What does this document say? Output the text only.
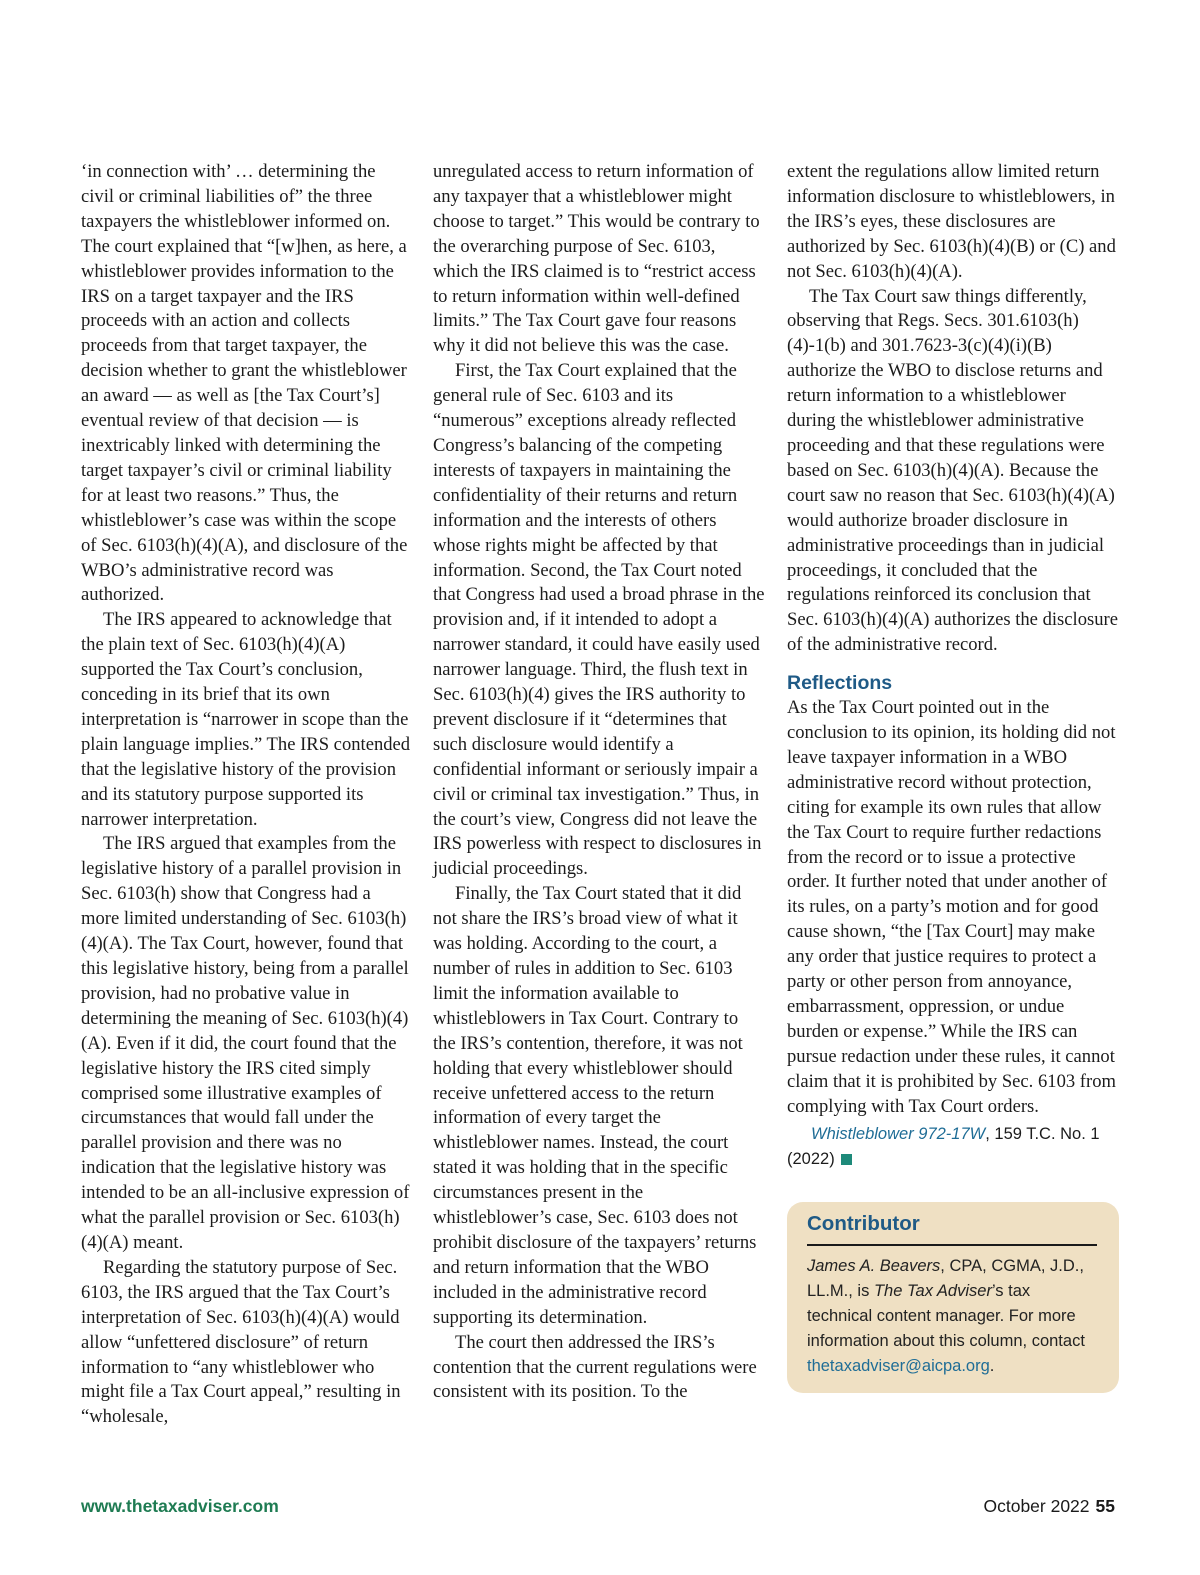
‘in connection with’ … determining the civil or criminal liabilities of” the three taxpayers the whistleblower informed on. The court explained that “[w]hen, as here, a whistleblower provides information to the IRS on a target taxpayer and the IRS proceeds with an action and collects proceeds from that target taxpayer, the decision whether to grant the whistleblower an award — as well as [the Tax Court’s] eventual review of that decision — is inextricably linked with determining the target taxpayer’s civil or criminal liability for at least two reasons.” Thus, the whistleblower’s case was within the scope of Sec. 6103(h)(4)(A), and disclosure of the WBO’s administrative record was authorized.

The IRS appeared to acknowledge that the plain text of Sec. 6103(h)(4)(A) supported the Tax Court’s conclusion, conceding in its brief that its own interpretation is “narrower in scope than the plain language implies.” The IRS contended that the legislative history of the provision and its statutory purpose supported its narrower interpretation.

The IRS argued that examples from the legislative history of a parallel provision in Sec. 6103(h) show that Congress had a more limited understanding of Sec. 6103(h)(4)(A). The Tax Court, however, found that this legislative history, being from a parallel provision, had no probative value in determining the meaning of Sec. 6103(h)(4)(A). Even if it did, the court found that the legislative history the IRS cited simply comprised some illustrative examples of circumstances that would fall under the parallel provision and there was no indication that the legislative history was intended to be an all-inclusive expression of what the parallel provision or Sec. 6103(h)(4)(A) meant.

Regarding the statutory purpose of Sec. 6103, the IRS argued that the Tax Court’s interpretation of Sec. 6103(h)(4)(A) would allow “unfettered disclosure” of return information to “any whistleblower who might file a Tax Court appeal,” resulting in “wholesale,

unregulated access to return information of any taxpayer that a whistleblower might choose to target.” This would be contrary to the overarching purpose of Sec. 6103, which the IRS claimed is to “restrict access to return information within well-defined limits.” The Tax Court gave four reasons why it did not believe this was the case.

First, the Tax Court explained that the general rule of Sec. 6103 and its “numerous” exceptions already reflected Congress’s balancing of the competing interests of taxpayers in maintaining the confidentiality of their returns and return information and the interests of others whose rights might be affected by that information. Second, the Tax Court noted that Congress had used a broad phrase in the provision and, if it intended to adopt a narrower standard, it could have easily used narrower language. Third, the flush text in Sec. 6103(h)(4) gives the IRS authority to prevent disclosure if it “determines that such disclosure would identify a confidential informant or seriously impair a civil or criminal tax investigation.” Thus, in the court’s view, Congress did not leave the IRS powerless with respect to disclosures in judicial proceedings.

Finally, the Tax Court stated that it did not share the IRS’s broad view of what it was holding. According to the court, a number of rules in addition to Sec. 6103 limit the information available to whistleblowers in Tax Court. Contrary to the IRS’s contention, therefore, it was not holding that every whistleblower should receive unfettered access to the return information of every target the whistleblower names. Instead, the court stated it was holding that in the specific circumstances present in the whistleblower’s case, Sec. 6103 does not prohibit disclosure of the taxpayers’ returns and return information that the WBO included in the administrative record supporting its determination.

The court then addressed the IRS’s contention that the current regulations were consistent with its position. To the

extent the regulations allow limited return information disclosure to whistleblowers, in the IRS’s eyes, these disclosures are authorized by Sec. 6103(h)(4)(B) or (C) and not Sec. 6103(h)(4)(A).

The Tax Court saw things differently, observing that Regs. Secs. 301.6103(h)(4)-1(b) and 301.7623-3(c)(4)(i)(B) authorize the WBO to disclose returns and return information to a whistleblower during the whistleblower administrative proceeding and that these regulations were based on Sec. 6103(h)(4)(A). Because the court saw no reason that Sec. 6103(h)(4)(A) would authorize broader disclosure in administrative proceedings than in judicial proceedings, it concluded that the regulations reinforced its conclusion that Sec. 6103(h)(4)(A) authorizes the disclosure of the administrative record.

Reflections

As the Tax Court pointed out in the conclusion to its opinion, its holding did not leave taxpayer information in a WBO administrative record without protection, citing for example its own rules that allow the Tax Court to require further redactions from the record or to issue a protective order. It further noted that under another of its rules, on a party’s motion and for good cause shown, “the [Tax Court] may make any order that justice requires to protect a party or other person from annoyance, embarrassment, oppression, or undue burden or expense.” While the IRS can pursue redaction under these rules, it cannot claim that it is prohibited by Sec. 6103 from complying with Tax Court orders.

Whistleblower 972-17W, 159 T.C. No. 1 (2022)
Contributor
James A. Beavers, CPA, CGMA, J.D., LL.M., is The Tax Adviser’s tax technical content manager. For more information about this column, contact thetaxadviser@aicpa.org.
www.thetaxadviser.com	October 2022 55
